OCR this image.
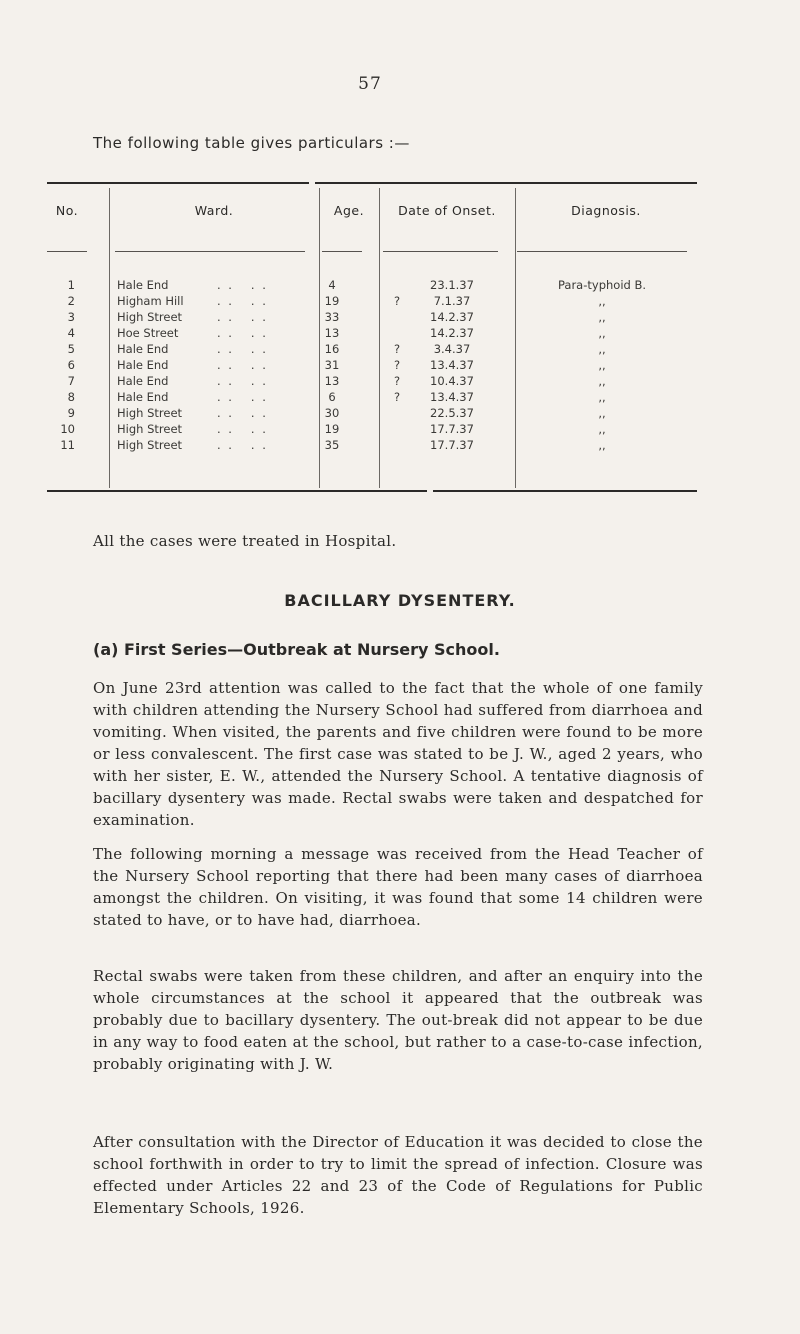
57
The following table gives particulars :—
No.	Ward.	Age.	Date of Onset.	Diagnosis.
1	Hale End	. .   . .	4	23.1.37	Para-typhoid B.
2	Higham Hill	. .   . .	19	?	7.1.37	,,
3	High Street	. .   . .	33	14.2.37	,,
4	Hoe Street	. .   . .	13	14.2.37	,,
5	Hale End	. .   . .	16	?	3.4.37	,,
6	Hale End	. .   . .	31	?	13.4.37	,,
7	Hale End	. .   . .	13	?	10.4.37	,,
8	Hale End	. .   . .	6	?	13.4.37	,,
9	High Street	. .   . .	30	22.5.37	,,
10	High Street	. .   . .	19	17.7.37	,,
11	High Street	. .   . .	35	17.7.37	,,
All the cases were treated in Hospital.
BACILLARY DYSENTERY.
(a) First Series—Outbreak at Nursery School.

On June 23rd attention was called to the fact that the whole of one family with children attending the Nursery School had suffered from diarrhoea and vomiting. When visited, the parents and five children were found to be more or less convalescent. The first case was stated to be J. W., aged 2 years, who with her sister, E. W., attended the Nursery School. A tentative diagnosis of bacillary dysentery was made. Rectal swabs were taken and despatched for examination.

The following morning a message was received from the Head Teacher of the Nursery School reporting that there had been many cases of diarrhoea amongst the children. On visiting, it was found that some 14 children were stated to have, or to have had, diarrhoea.

Rectal swabs were taken from these children, and after an enquiry into the whole circumstances at the school it appeared that the outbreak was probably due to bacillary dysentery. The out-break did not appear to be due in any way to food eaten at the school, but rather to a case-to-case infection, probably originating with J. W.

After consultation with the Director of Education it was decided to close the school forthwith in order to try to limit the spread of infection. Closure was effected under Articles 22 and 23 of the Code of Regulations for Public Elementary Schools, 1926.
